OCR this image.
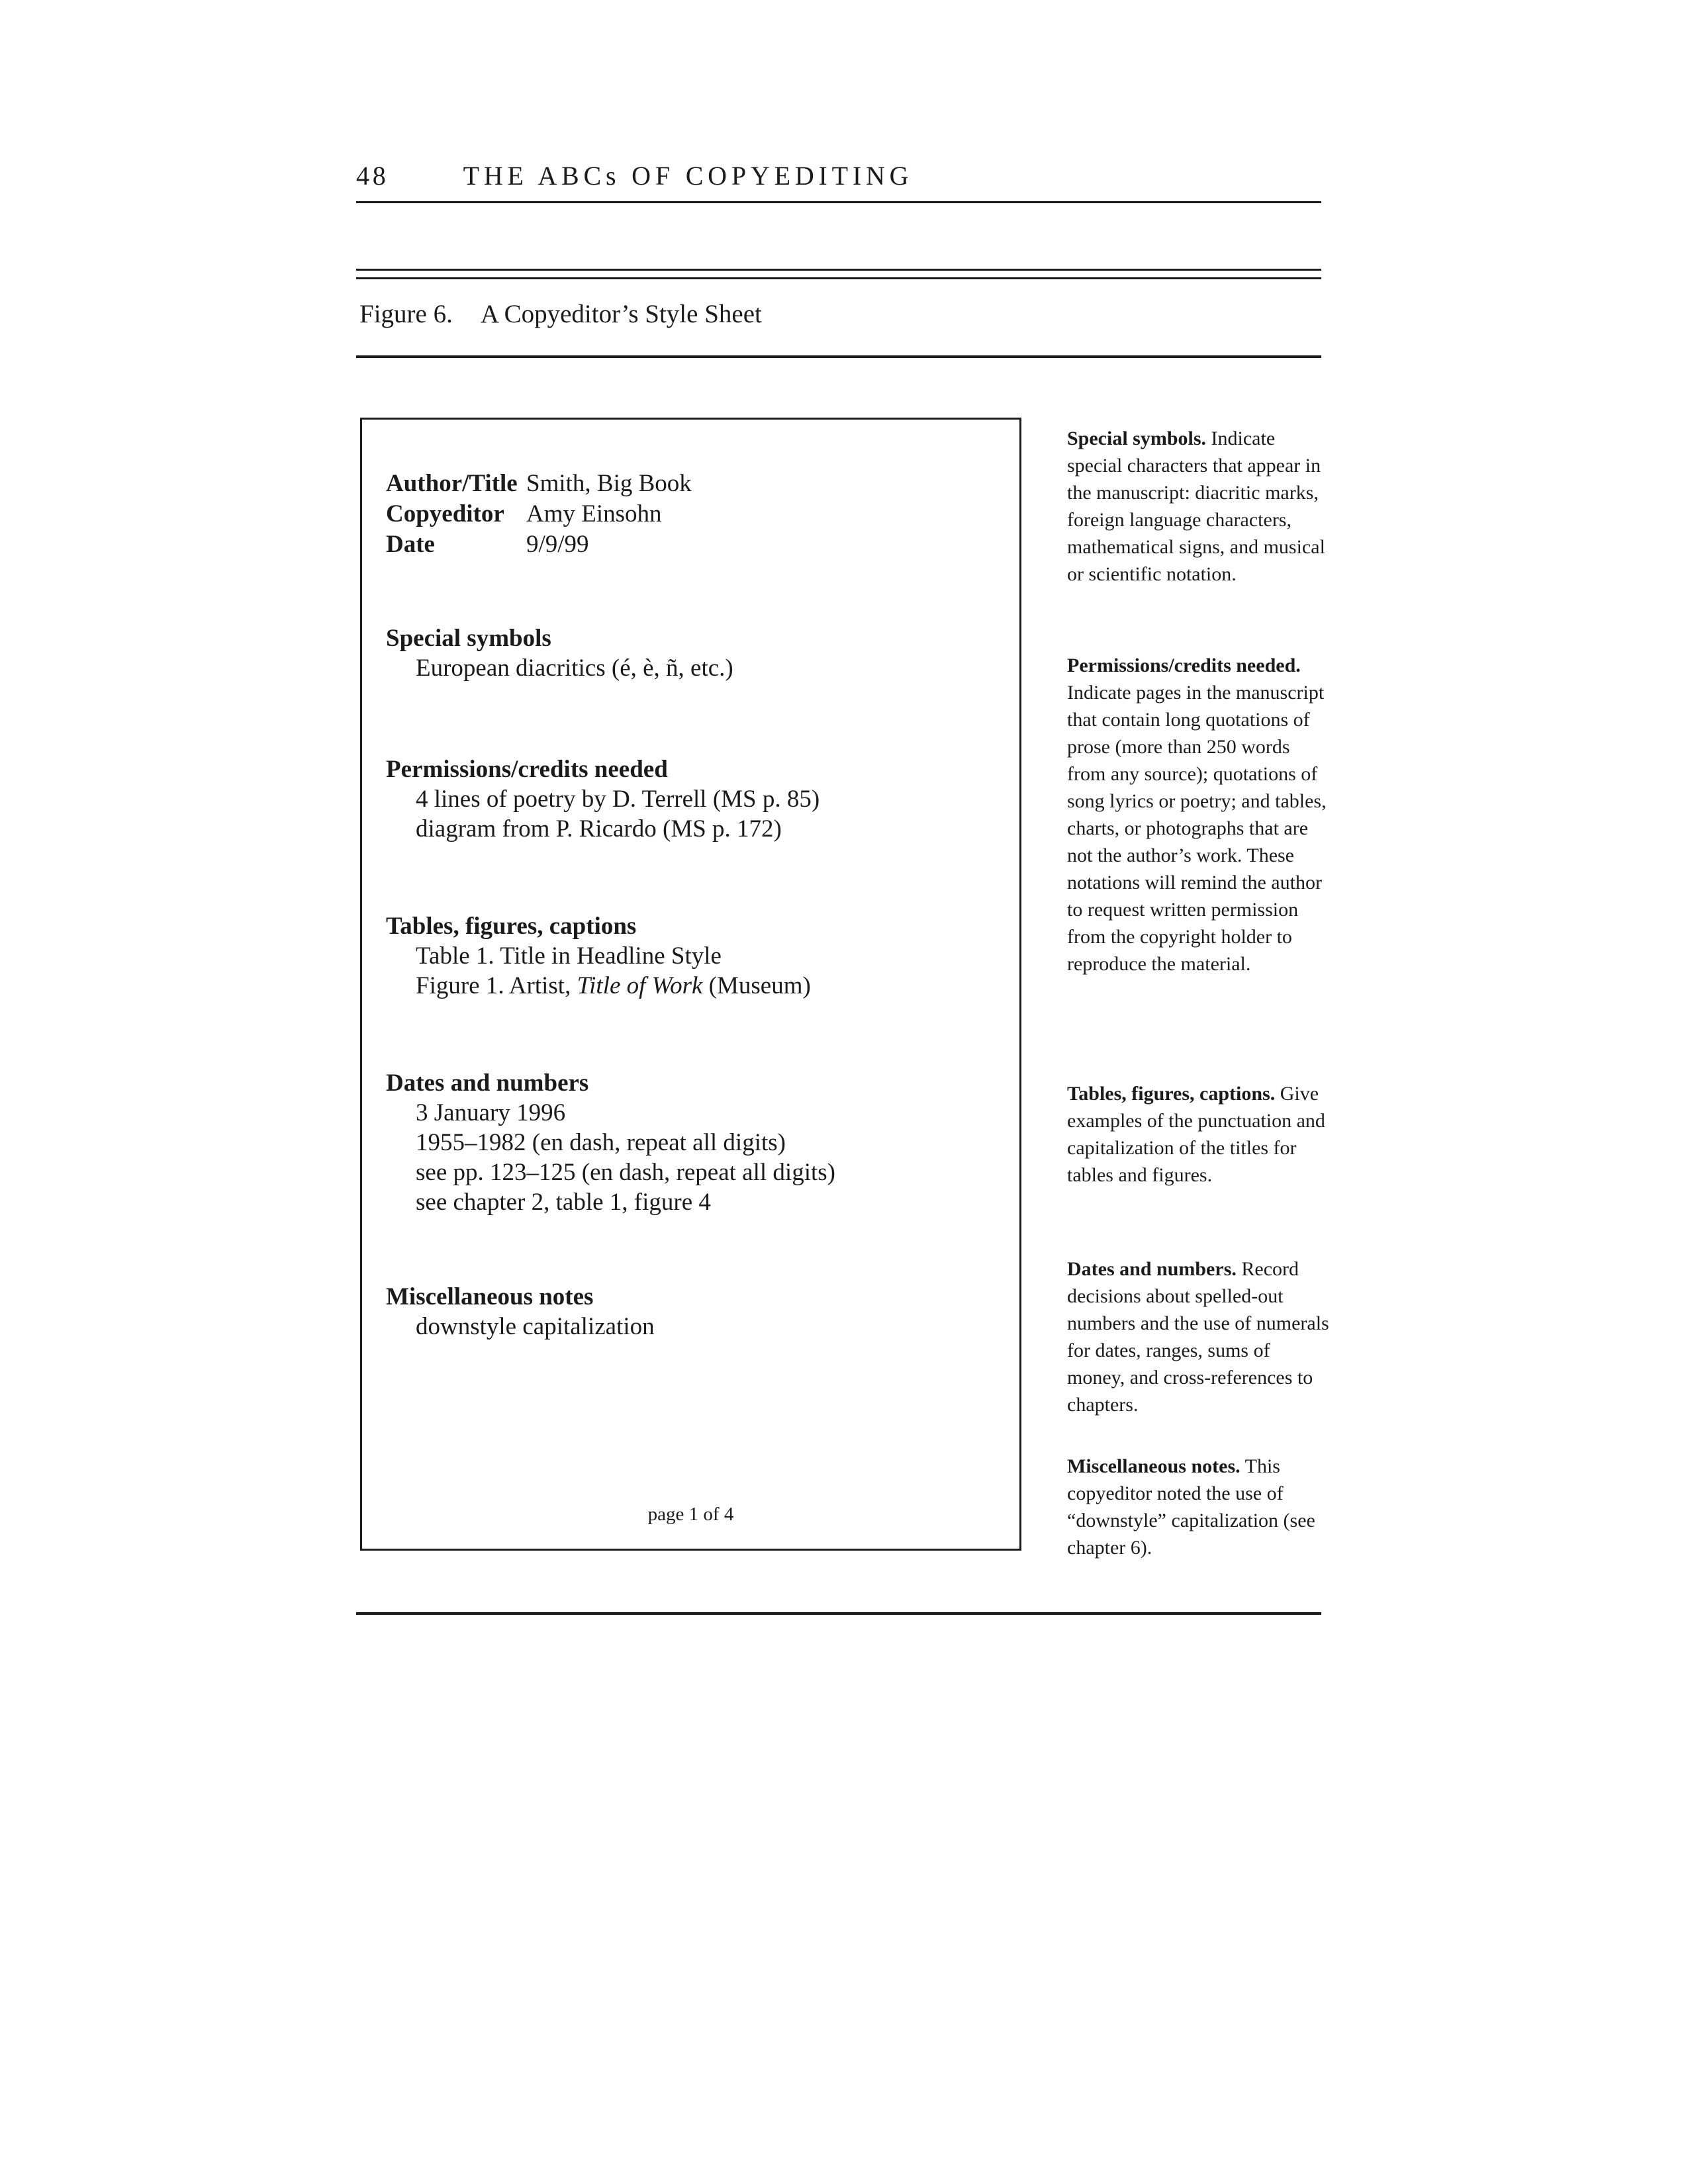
48	THE ABCs OF COPYEDITING
Figure 6. A Copyeditor’s Style Sheet
Author/Title Smith, Big Book
Copyeditor Amy Einsohn
Date	9/9/99
Special symbols
European diacritics (é, è, ñ, etc.)
Permissions/credits needed
4 lines of poetry by D. Terrell (MS p. 85)
diagram from P. Ricardo (MS p. 172)
Tables, figures, captions
Table 1. Title in Headline Style
Figure 1. Artist, Title of Work (Museum)
Dates and numbers
3 January 1996
1955–1982 (en dash, repeat all digits)
see pp. 123–125 (en dash, repeat all digits)
see chapter 2, table 1, figure 4
Miscellaneous notes
downstyle capitalization
page 1 of 4
Special symbols. Indicate special characters that appear in the manuscript: diacritic marks, foreign language characters, mathematical signs, and musical or scientific notation.
Permissions/credits needed. Indicate pages in the manuscript that contain long quotations of prose (more than 250 words from any source); quotations of song lyrics or poetry; and tables, charts, or photographs that are not the author’s work. These notations will remind the author to request written permission from the copyright holder to reproduce the material.
Tables, figures, captions. Give examples of the punctuation and capitalization of the titles for tables and figures.
Dates and numbers. Record decisions about spelled-out numbers and the use of numerals for dates, ranges, sums of money, and cross-references to chapters.
Miscellaneous notes. This copyeditor noted the use of “downstyle” capitalization (see chapter 6).
